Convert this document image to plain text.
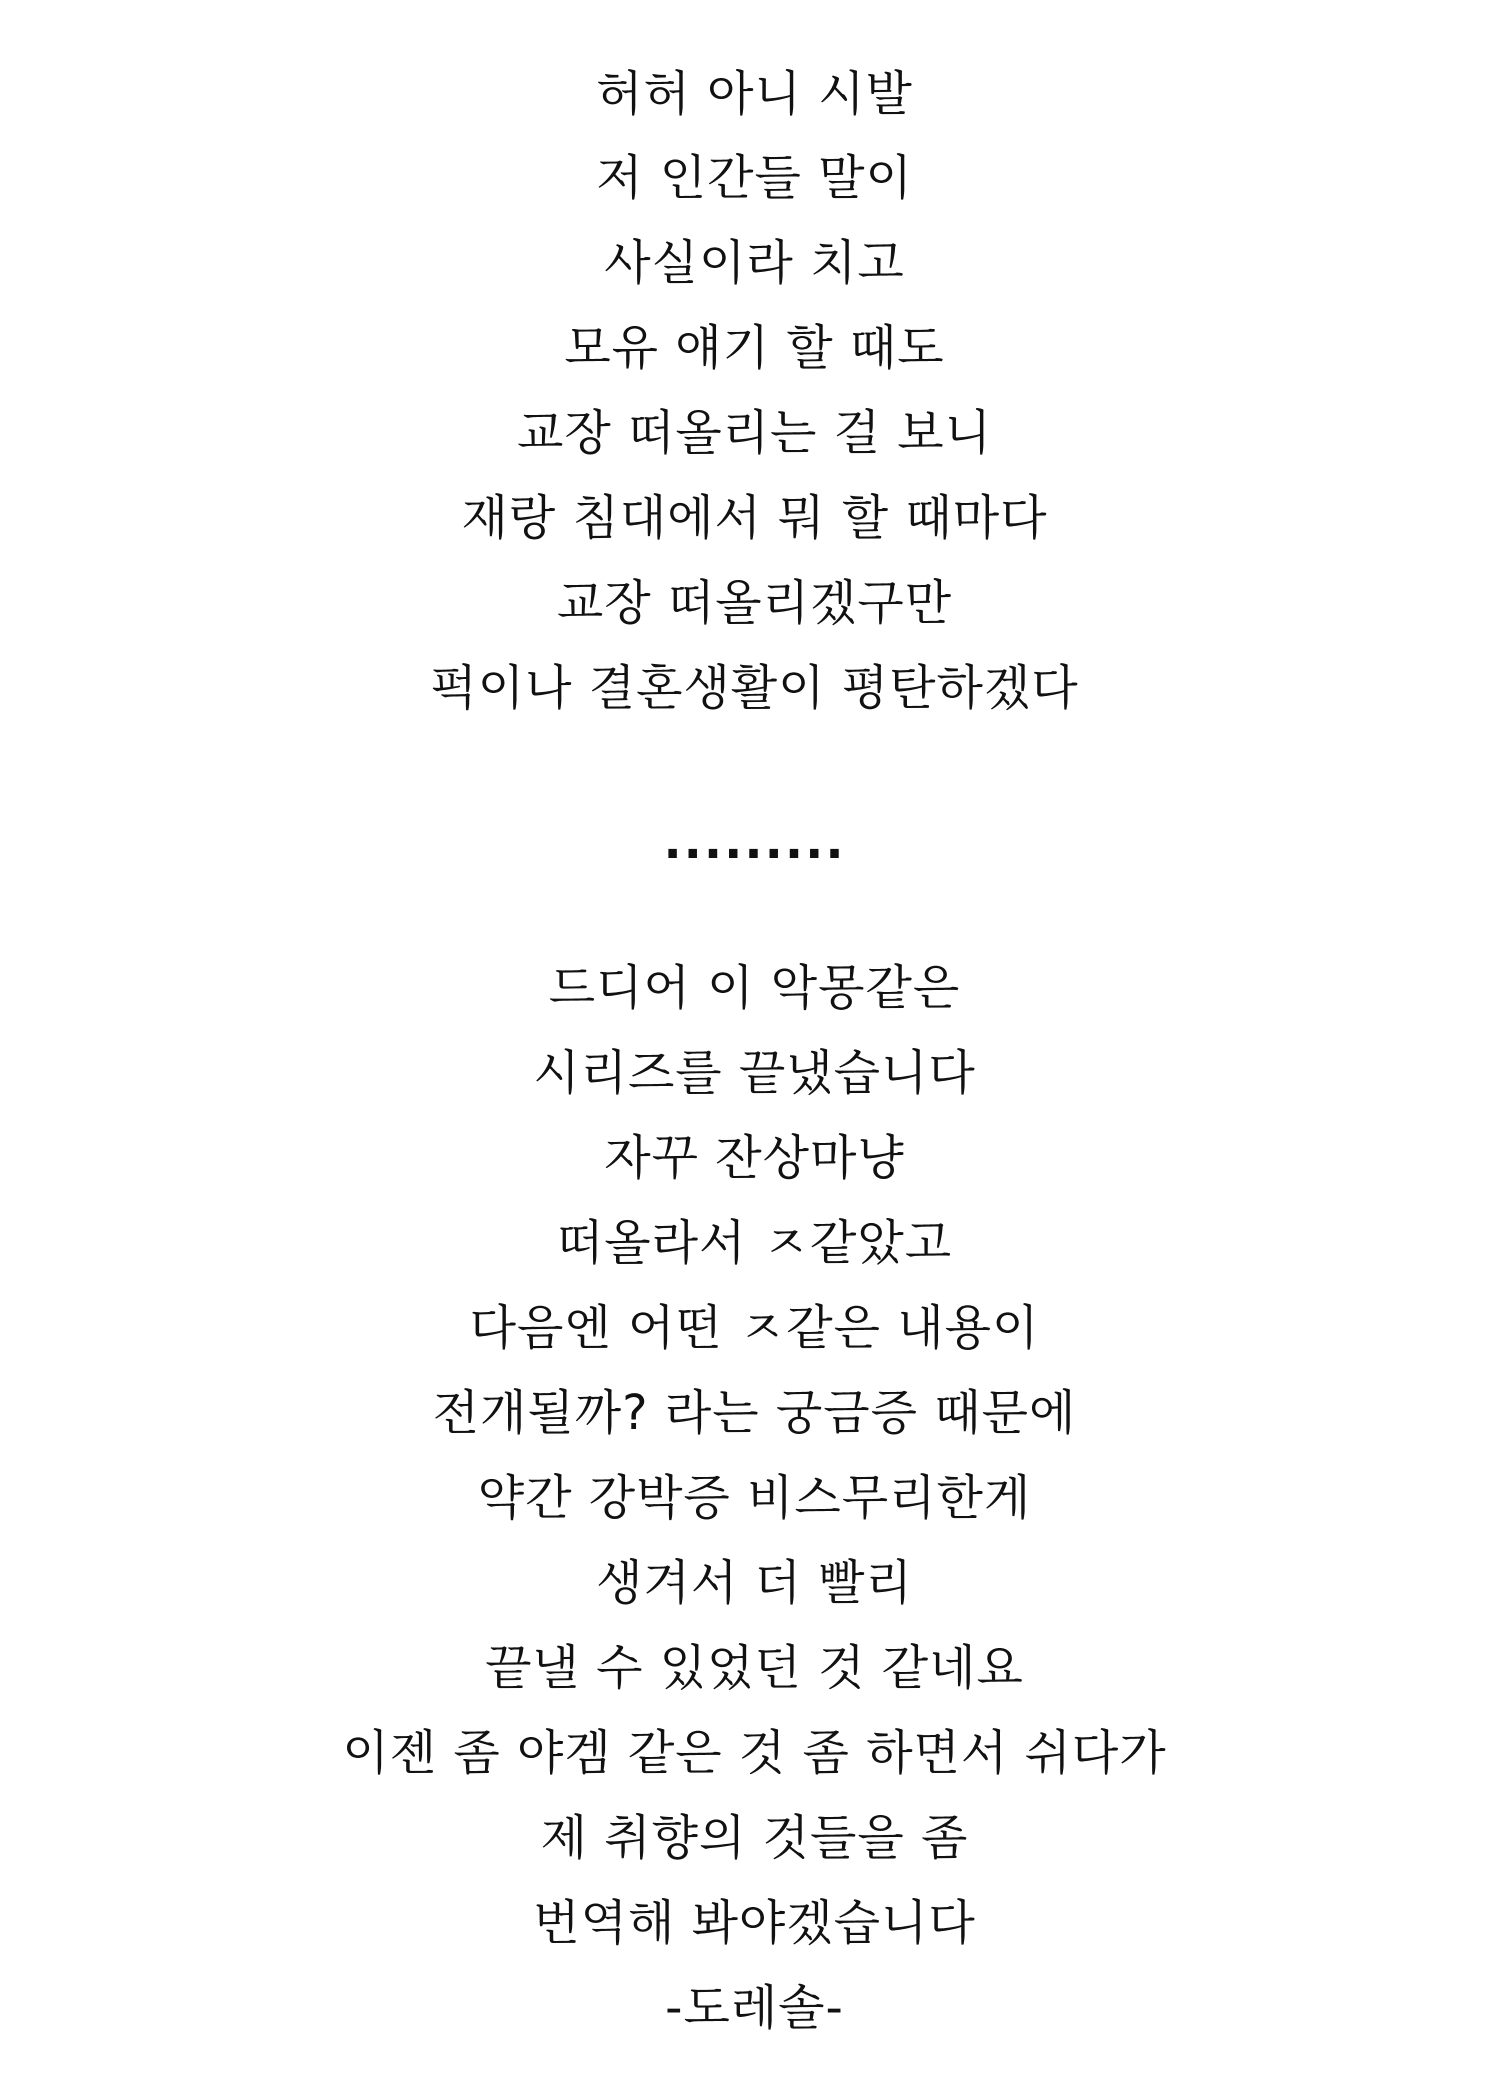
허허 아니 시발
저 인간들 말이
사실이라 치고
모유 얘기 할 때도
교장 떠올리는 걸 보니
재랑 침대에서 뭐 할 때마다
교장 떠올리겠구만
퍽이나 결혼생활이 평탄하겠다
.........
드디어 이 악몽같은
시리즈를 끝냈습니다
자꾸 잔상마냥
떠올라서 ㅈ같았고
다음엔 어떤 ㅈ같은 내용이
전개될까? 라는 궁금증 때문에
약간 강박증 비스무리한게
생겨서 더 빨리
끝낼 수 있었던 것 같네요
이젠 좀 야겜 같은 것 좀 하면서 쉬다가
제 취향의 것들을 좀
번역해 봐야겠습니다
-도레솔-
